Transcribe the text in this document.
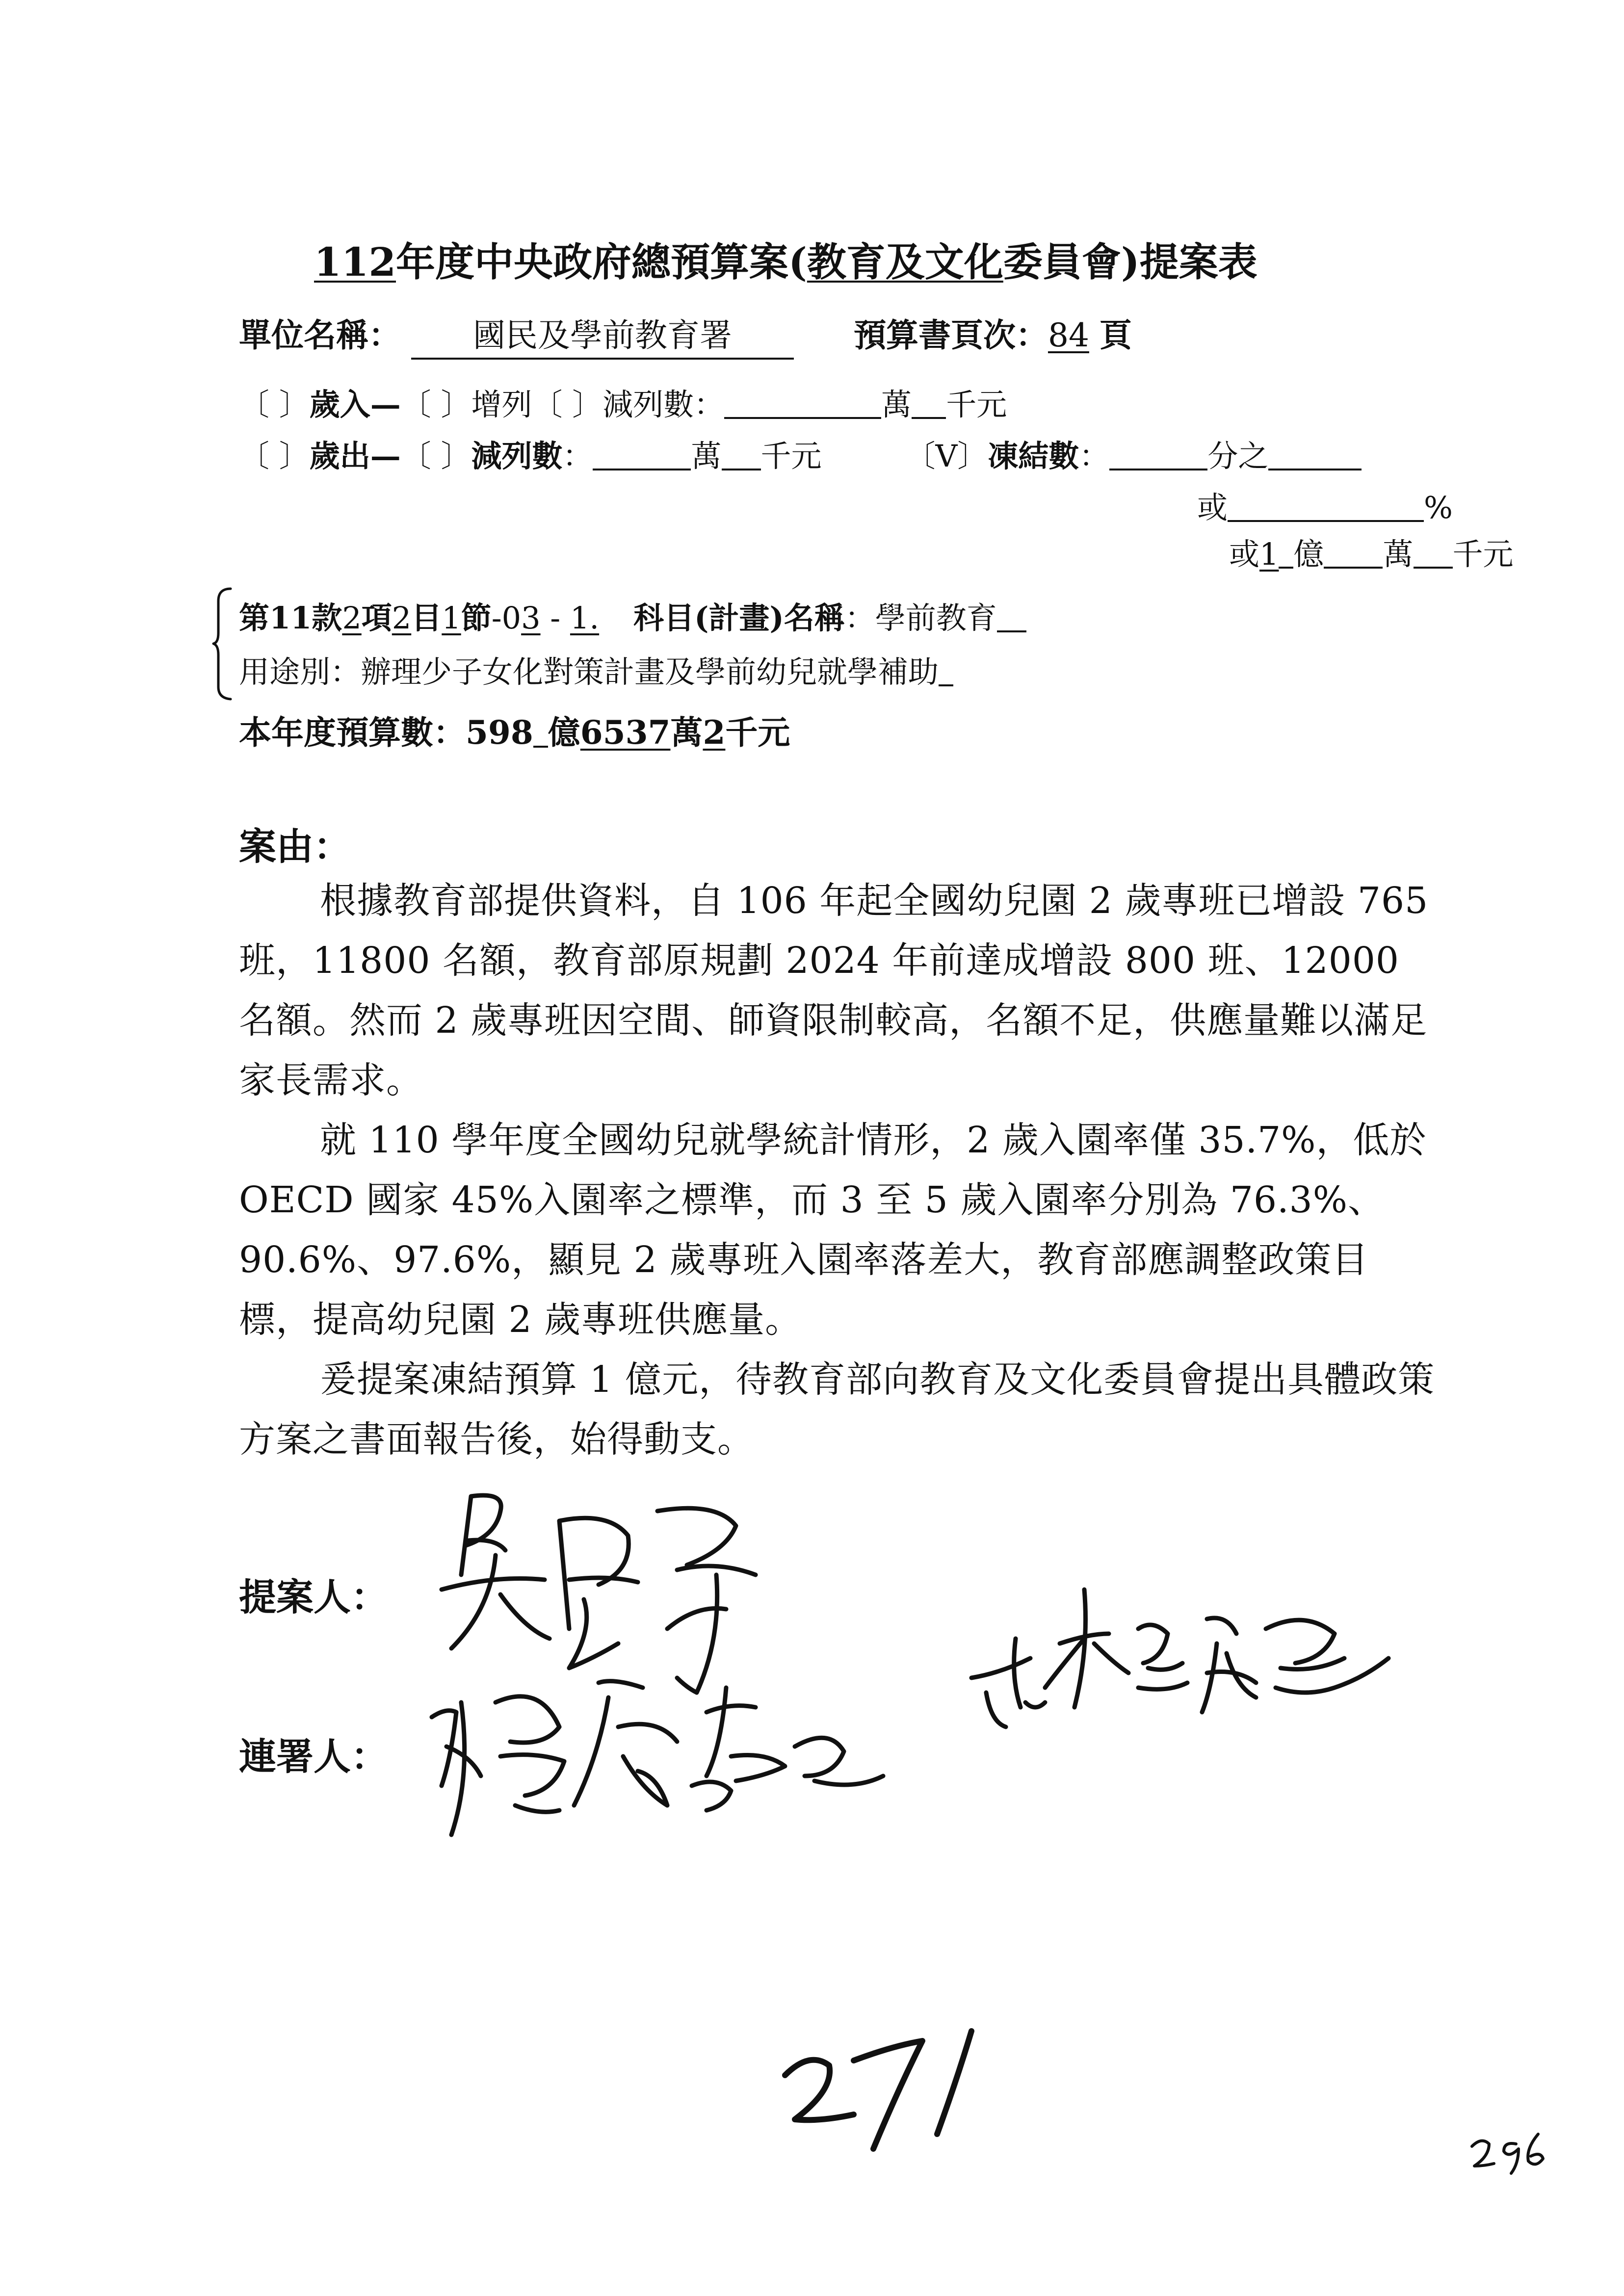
112年度中央政府總預算案(教育及文化委員會)提案表
單位名稱： 國民及學前教育署	預算書頁次：84 頁
〔 〕歲入—〔 〕增列〔 〕減列數：	萬 千元
〔 〕歲出—〔 〕減列數：	萬 千元	〔V〕凍結數：	分之
或	%
或1 億 萬 千元
第11款2項2目1節-03 - 1. 科目(計畫)名稱：學前教育
用途別：辦理少子女化對策計畫及學前幼兒就學補助
本年度預算數：598 億6537萬2千元
案由：

根據教育部提供資料，自 106 年起全國幼兒園 2 歲專班已增設 765 班，11800 名額，教育部原規劃 2024 年前達成增設 800 班、12000 名額。然而 2 歲專班因空間、師資限制較高，名額不足，供應量難以滿足家長需求。

就 110 學年度全國幼兒就學統計情形，2 歲入園率僅 35.7%，低於 OECD 國家 45%入園率之標準，而 3 至 5 歲入園率分別為 76.3%、90.6%、97.6%，顯見 2 歲專班入園率落差大，教育部應調整政策目標，提高幼兒園 2 歲專班供應量。

爰提案凍結預算 1 億元，待教育部向教育及文化委員會提出具體政策方案之書面報告後，始得動支。

提案人：
連署人：
